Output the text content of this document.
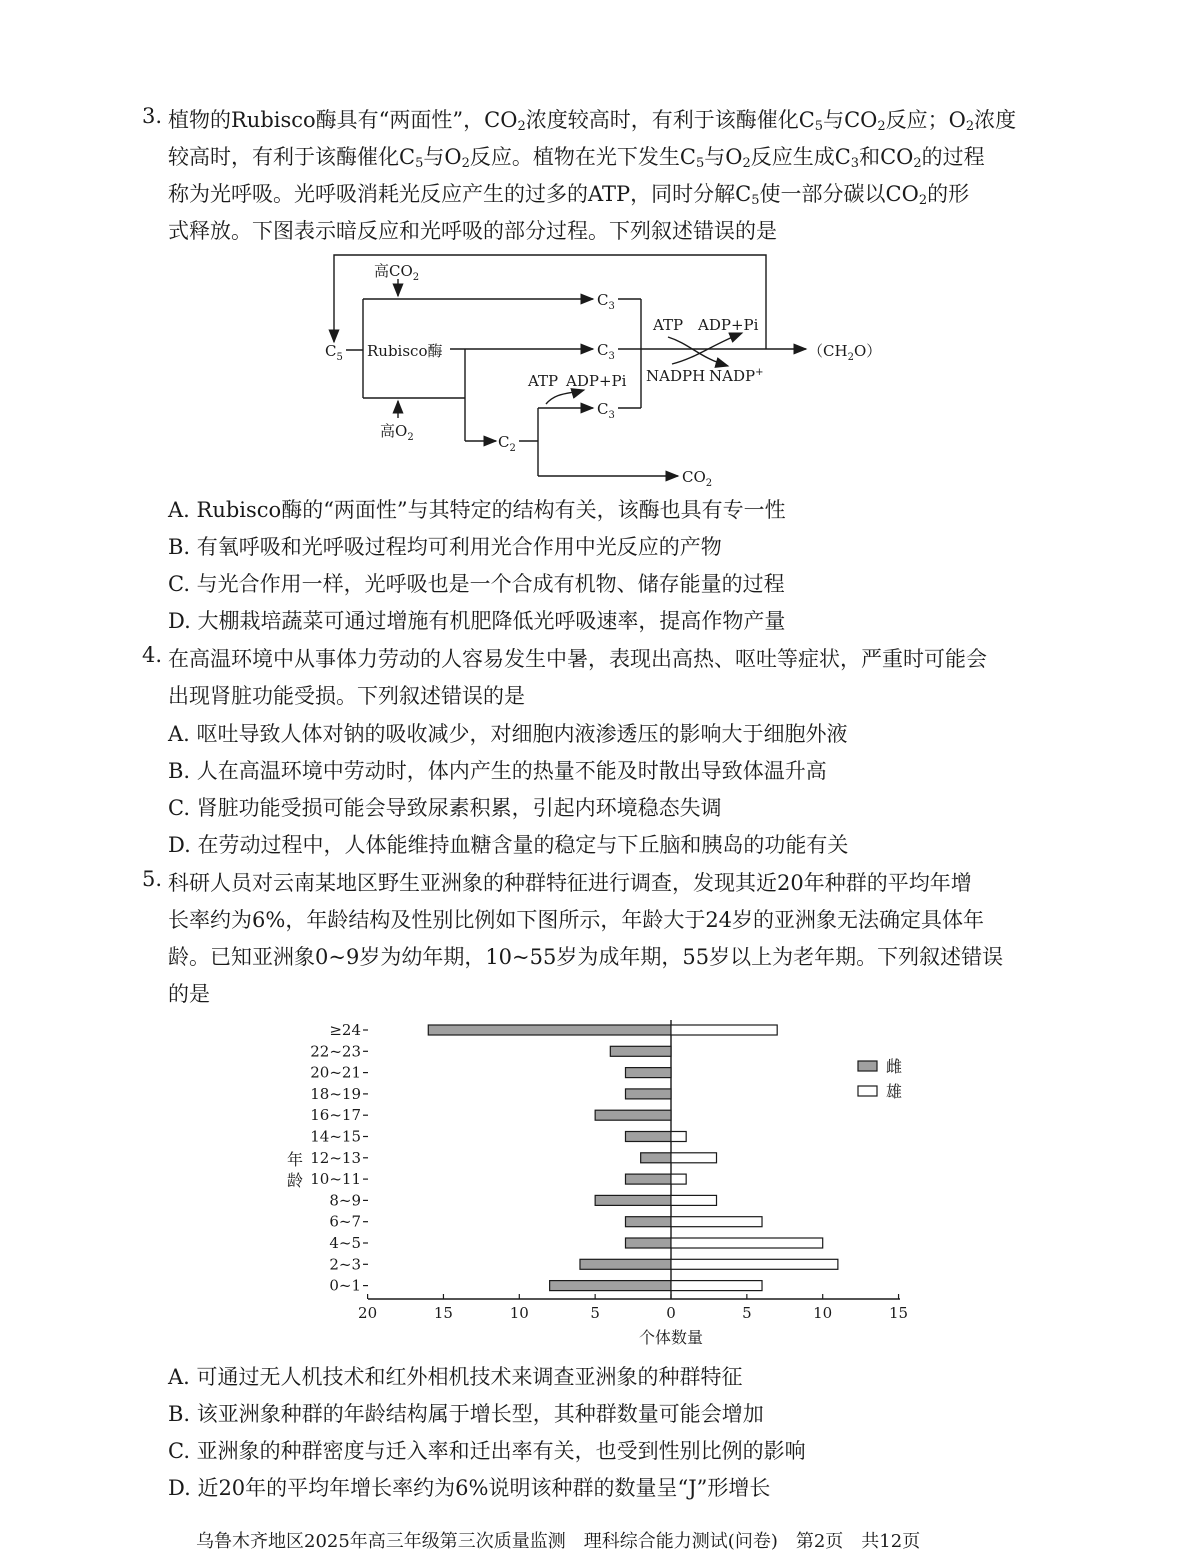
3. 植物的Rubisco酶具有“两面性”，$CO_2$浓度较高时，有利于该酶催化$C_5$与$CO_2$反应；$O_2$浓度
较高时，有利于该酶催化$C_5$与$O_2$反应。植物在光下发生$C_5$与$O_2$反应生成$C_3$和$CO_2$的过程
称为光呼吸。光呼吸消耗光反应产生的过多的ATP，同时分解$C_5$使一部分碳以$CO_2$的形
式释放。下图表示暗反应和光呼吸的部分过程。下列叙述错误的是
高$CO_2$
高$O_2$
$C_5$ Rubisco酶
$C_3$
$C_3$
$C_3$
$C_2$
ATP ADP+Pi
NADPH NADP+
ATP ADP+Pi
$(CH_2O)$
$CO_2$
A. Rubisco酶的“两面性”与其特定的结构有关，该酶也具有专一性
B. 有氧呼吸和光呼吸过程均可利用光合作用中光反应的产物
C. 与光合作用一样，光呼吸也是一个合成有机物、储存能量的过程
D. 大棚栽培蔬菜可通过增施有机肥降低光呼吸速率，提高作物产量
4. 在高温环境中从事体力劳动的人容易发生中暑，表现出高热、呕吐等症状，严重时可能会
出现肾脏功能受损。下列叙述错误的是
A. 呕吐导致人体对钠的吸收减少，对细胞内液渗透压的影响大于细胞外液
B. 人在高温环境中劳动时，体内产生的热量不能及时散出导致体温升高
C. 肾脏功能受损可能会导致尿素积累，引起内环境稳态失调
D. 在劳动过程中，人体能维持血糖含量的稳定与下丘脑和胰岛的功能有关
5. 科研人员对云南某地区野生亚洲象的种群特征进行调查，发现其近20年种群的平均年增
长率约为6%，年龄结构及性别比例如下图所示，年龄大于24岁的亚洲象无法确定具体年
龄。已知亚洲象0~9岁为幼年期，10~55岁为成年期，55岁以上为老年期。下列叙述错误
的是
20	15	10	5	0	5	10	15
≥24
22~23
20~21
18~19
16~17
14~15
12~13
10~11
8~9
6~7
4~5
2~3
0~1
年
龄
个体数量
雌
雄
A. 可通过无人机技术和红外相机技术来调查亚洲象的种群特征
B. 该亚洲象种群的年龄结构属于增长型，其种群数量可能会增加
C. 亚洲象的种群密度与迁入率和迁出率有关，也受到性别比例的影响
D. 近20年的平均年增长率约为6%说明该种群的数量呈“J”形增长
乌鲁木齐地区2025年高三年级第三次质量监测　理科综合能力测试(问卷)　第2页　共12页
